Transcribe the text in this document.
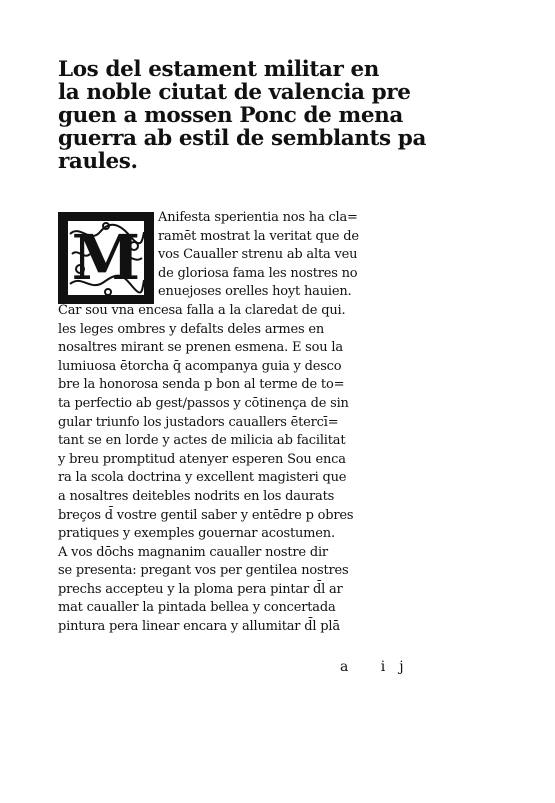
Los del estament militar en
la noble ciutat de valencia pre
guen a mossen Ponc de mena
guerra ab estil de semblants pa
raules.
M
Anifesta sperientia nos ha cla=
ramēt mostrat la veritat que de
vos Caualler strenu ab alta veu
de gloriosa fama les nostres no
enuejoses orelles hoyt hauien.
Car sou vna encesa falla a la claredat de qui.
les leges ombres y defalts deles armes en
nosaltres mirant se prenen esmena. E sou la
lumiuosa ētorcha q̄ acompanya guia y desco
bre la honorosa senda p bon al terme de to=
ta perfectio ab gest/passos y cōtinença de sin
gular triunfo los justadors cauallers ētercī=
tant se en lorde y actes de milicia ab facilitat
y breu promptitud atenyer esperen Sou enca
ra la scola doctrina y excellent magisteri que
a nosaltres deitebles nodrits en los daurats
breços d̄ vostre gentil saber y entēdre p obres
pratiques y exemples gouernar acostumen.
A vos dōchs magnanim caualler nostre dir
se presenta: pregant vos per gentilea nostres
prechs accepteu y la ploma pera pintar d̄l ar
mat caualler la pintada bellea y concertada
pintura pera linear encara y allumitar d̄l plā
a ij
